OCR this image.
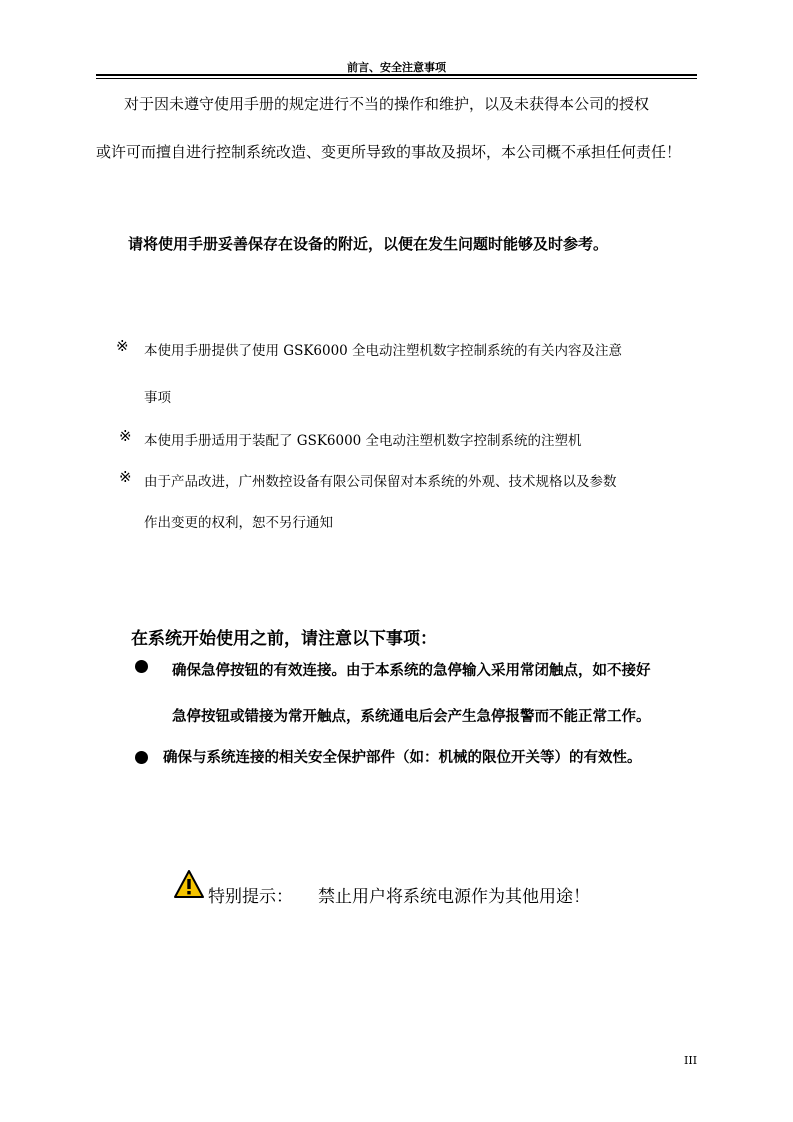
前言、安全注意事项
对于因未遵守使用手册的规定进行不当的操作和维护，以及未获得本公司的授权
或许可而擅自进行控制系统改造、变更所导致的事故及损坏，本公司概不承担任何责任！
请将使用手册妥善保存在设备的附近，以便在发生问题时能够及时参考。
※ 本使用手册提供了使用 GSK6000 全电动注塑机数字控制系统的有关内容及注意
事项
※ 本使用手册适用于装配了 GSK6000 全电动注塑机数字控制系统的注塑机
※ 由于产品改进，广州数控设备有限公司保留对本系统的外观、技术规格以及参数
作出变更的权利，恕不另行通知
在系统开始使用之前，请注意以下事项：
确保急停按钮的有效连接。由于本系统的急停输入采用常闭触点，如不接好
急停按钮或错接为常开触点，系统通电后会产生急停报警而不能正常工作。
确保与系统连接的相关安全保护部件（如：机械的限位开关等）的有效性。
特别提示： 禁止用户将系统电源作为其他用途！
III
